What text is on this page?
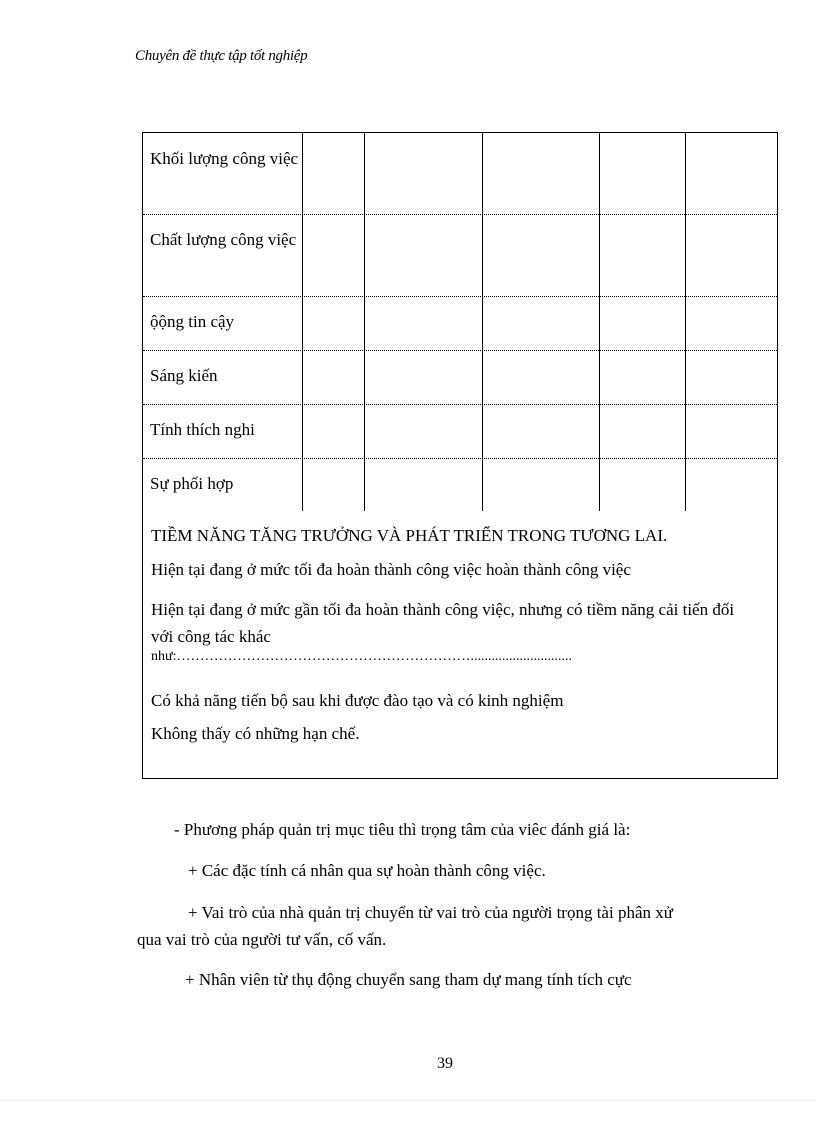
Chuyên đề thực tập tốt nghiệp
Khối lượng công việc
Chất lượng công việc
ộộng tin cậy
Sáng kiến
Tính thích nghi
Sự phối hợp

TIỀM NĂNG TĂNG TRƯỞNG VÀ PHÁT TRIỂN TRONG TƯƠNG LAI.

Hiện tại đang ở mức tối đa hoàn thành công việc hoàn thành công việc

Hiện tại đang ở mức gần tối đa hoàn thành công việc, nhưng có tiềm năng cải tiến đối với công tác khác

như:……………………………………………………….............................

Có khả năng tiến bộ sau khi được đào tạo và có kinh nghiệm

Không thấy có những hạn chế.

- Phương pháp quản trị mục tiêu thì trọng tâm của viêc đánh giá là:
+ Các đặc tính cá nhân qua sự hoàn thành công việc.
+ Vai trò của nhà quản trị chuyển từ vai trò của người trọng tài phân xử
qua vai trò của người tư vấn, cố vấn.
+ Nhân viên từ thụ động chuyển sang tham dự mang tính tích cực
39
